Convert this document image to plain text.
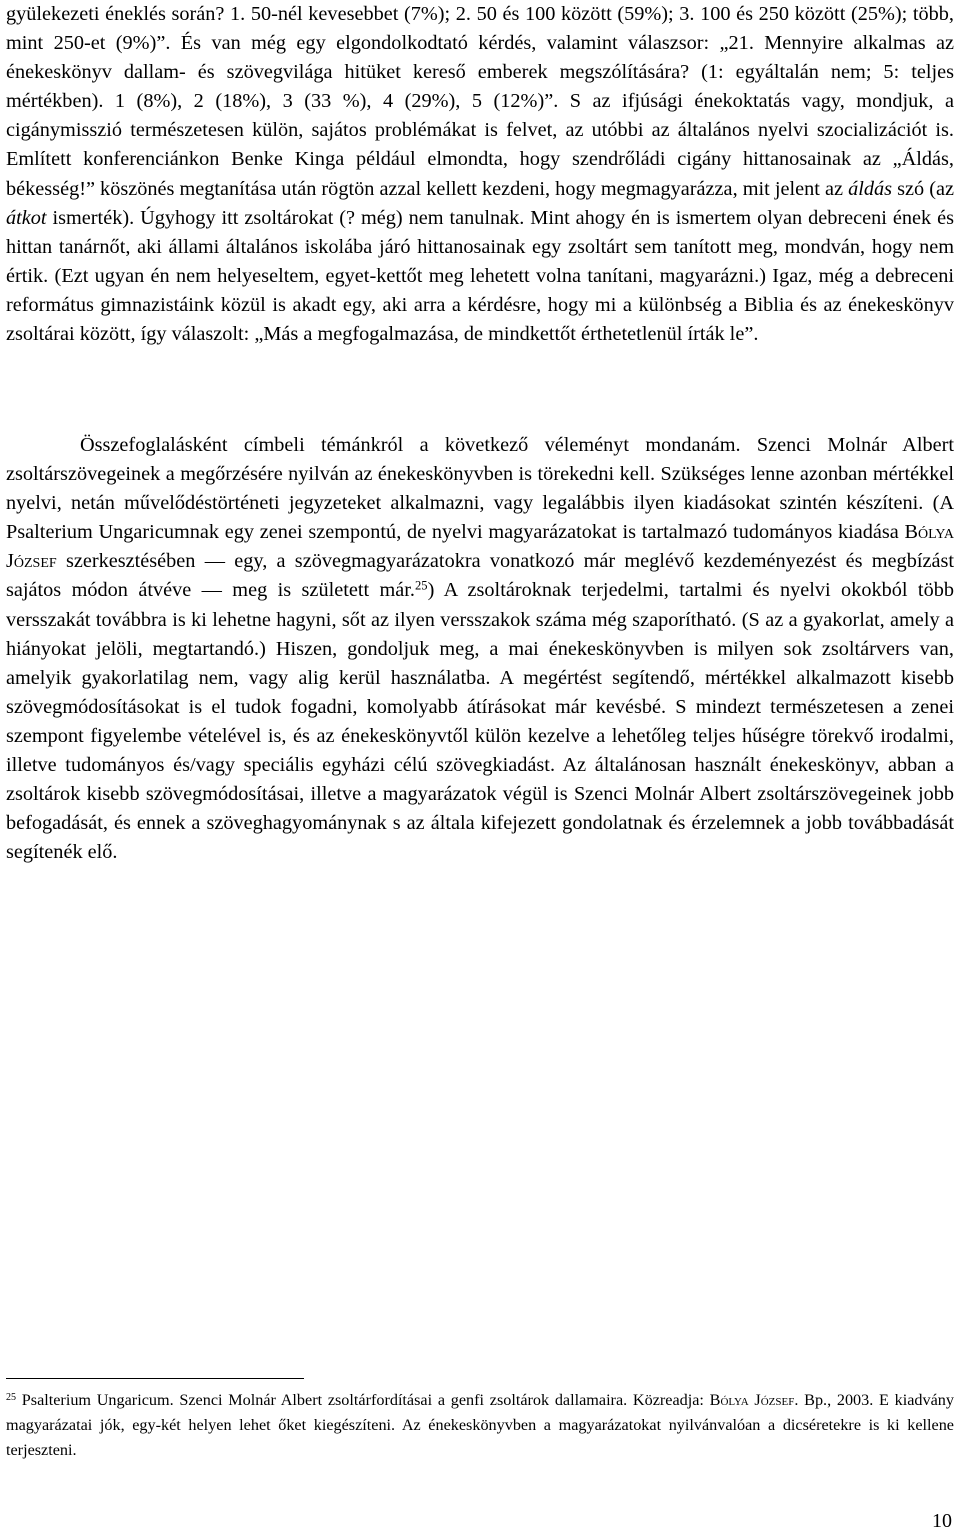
gyülekezeti éneklés során? 1. 50-nél kevesebbet (7%); 2. 50 és 100 között (59%); 3. 100 és 250 között (25%); több, mint 250-et (9%)”. És van még egy elgondolkodtató kérdés, valamint válaszsor: „21. Mennyire alkalmas az énekeskönyv dallam- és szövegvilága hitüket kereső emberek megszólítására? (1: egyáltalán nem; 5: teljes mértékben). 1 (8%), 2 (18%), 3 (33 %), 4 (29%), 5 (12%)”. S az ifjúsági énekoktatás vagy, mondjuk, a cigánymisszió természetesen külön, sajátos problémákat is felvet, az utóbbi az általános nyelvi szocializációt is. Említett konferenciánkon Benke Kinga például elmondta, hogy szendrőládi cigány hittanosainak az „Áldás, békesség!” köszönés megtanítása után rögtön azzal kellett kezdeni, hogy megmagyarázza, mit jelent az áldás szó (az átkot ismerték). Úgyhogy itt zsoltárokat (? még) nem tanulnak. Mint ahogy én is ismertem olyan debreceni ének és hittan tanárnőt, aki állami általános iskolába járó hittanosainak egy zsoltárt sem tanított meg, mondván, hogy nem értik. (Ezt ugyan én nem helyeseltem, egyet-kettőt meg lehetett volna tanítani, magyarázni.) Igaz, még a debreceni református gimnazistáink közül is akadt egy, aki arra a kérdésre, hogy mi a különbség a Biblia és az énekeskönyv zsoltárai között, így válaszolt: „Más a megfogalmazása, de mindkettőt érthetetlenül írták le”.

Összefoglalásként címbeli témánkról a következő véleményt mondanám. Szenci Molnár Albert zsoltárszövegeinek a megőrzésére nyilván az énekeskönyvben is törekedni kell. Szükséges lenne azonban mértékkel nyelvi, netán művelődéstörténeti jegyzeteket alkalmazni, vagy legalábbis ilyen kiadásokat szintén készíteni. (A Psalterium Ungaricumnak egy zenei szempontú, de nyelvi magyarázatokat is tartalmazó tudományos kiadása Bólya József szerkesztésében — egy, a szövegmagyarázatokra vonatkozó már meglévő kezdeményezést és megbízást sajátos módon átvéve — meg is született már.$^{25}$) A zsoltároknak terjedelmi, tartalmi és nyelvi okokból több versszakát továbbra is ki lehetne hagyni, sőt az ilyen versszakok száma még szaporítható. (S az a gyakorlat, amely a hiányokat jelöli, megtartandó.) Hiszen, gondoljuk meg, a mai énekeskönyvben is milyen sok zsoltárvers van, amelyik gyakorlatilag nem, vagy alig kerül használatba. A megértést segítendő, mértékkel alkalmazott kisebb szövegmódosításokat is el tudok fogadni, komolyabb átírásokat már kevésbé. S mindezt természetesen a zenei szempont figyelembe vételével is, és az énekeskönyvtől külön kezelve a lehetőleg teljes hűségre törekvő irodalmi, illetve tudományos és/vagy speciális egyházi célú szövegkiadást. Az általánosan használt énekeskönyv, abban a zsoltárok kisebb szövegmódosításai, illetve a magyarázatok végül is Szenci Molnár Albert zsoltárszövegeinek jobb befogadását, és ennek a szöveghagyománynak s az általa kifejezett gondolatnak és érzelemnek a jobb továbbadását segítenék elő.

$^{25}$ Psalterium Ungaricum. Szenci Molnár Albert zsoltárfordításai a genfi zsoltárok dallamaira. Közreadja: Bólya József. Bp., 2003. E kiadvány magyarázatai jók, egy-két helyen lehet őket kiegészíteni. Az énekeskönyvben a magyarázatokat nyilvánvalóan a dicséretekre is ki kellene terjeszteni.

10
